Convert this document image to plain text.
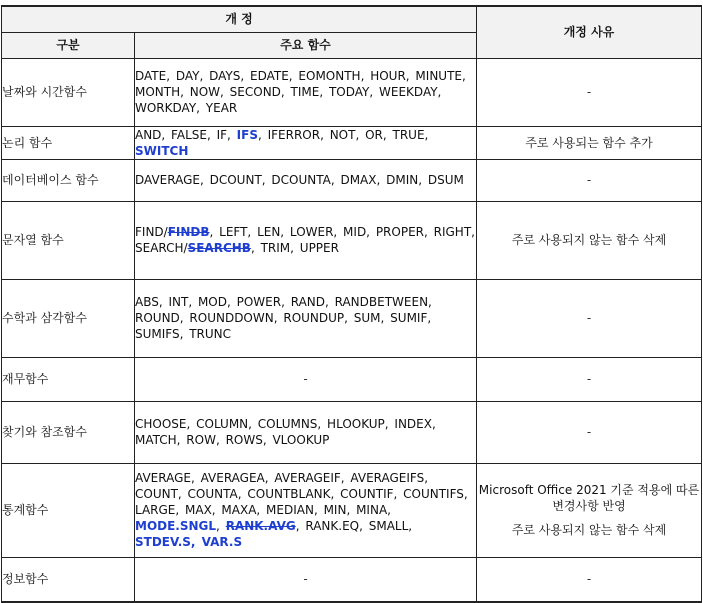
개 정		개정 사유
구분	주요 함수	
날짜와 시간함수	DATE, DAY, DAYS, EDATE, EOMONTH, HOUR, MINUTE, MONTH, NOW, SECOND, TIME, TODAY, WEEKDAY, WORKDAY, YEAR	-
논리 함수	AND, FALSE, IF, IFS, IFERROR, NOT, OR, TRUE, SWITCH	주로 사용되는 함수 추가
데이터베이스 함수	DAVERAGE, DCOUNT, DCOUNTA, DMAX, DMIN, DSUM	-
문자열 함수	FIND/FINDB, LEFT, LEN, LOWER, MID, PROPER, RIGHT, SEARCH/SEARCHB, TRIM, UPPER	주로 사용되지 않는 함수 삭제
수학과 삼각함수	ABS, INT, MOD, POWER, RAND, RANDBETWEEN, ROUND, ROUNDDOWN, ROUNDUP, SUM, SUMIF, SUMIFS, TRUNC	-
재무함수	-	-
찾기와 참조함수	CHOOSE, COLUMN, COLUMNS, HLOOKUP, INDEX, MATCH, ROW, ROWS, VLOOKUP	-
통계함수	AVERAGE, AVERAGEA, AVERAGEIF, AVERAGEIFS, COUNT, COUNTA, COUNTBLANK, COUNTIF, COUNTIFS, LARGE, MAX, MAXA, MEDIAN, MIN, MINA, MODE.SNGL, RANK.AVG, RANK.EQ, SMALL, STDEV.S, VAR.S	Microsoft Office 2021 기준 적용에 따른 변경사항 반영
주로 사용되지 않는 함수 삭제

정보함수	-	-
